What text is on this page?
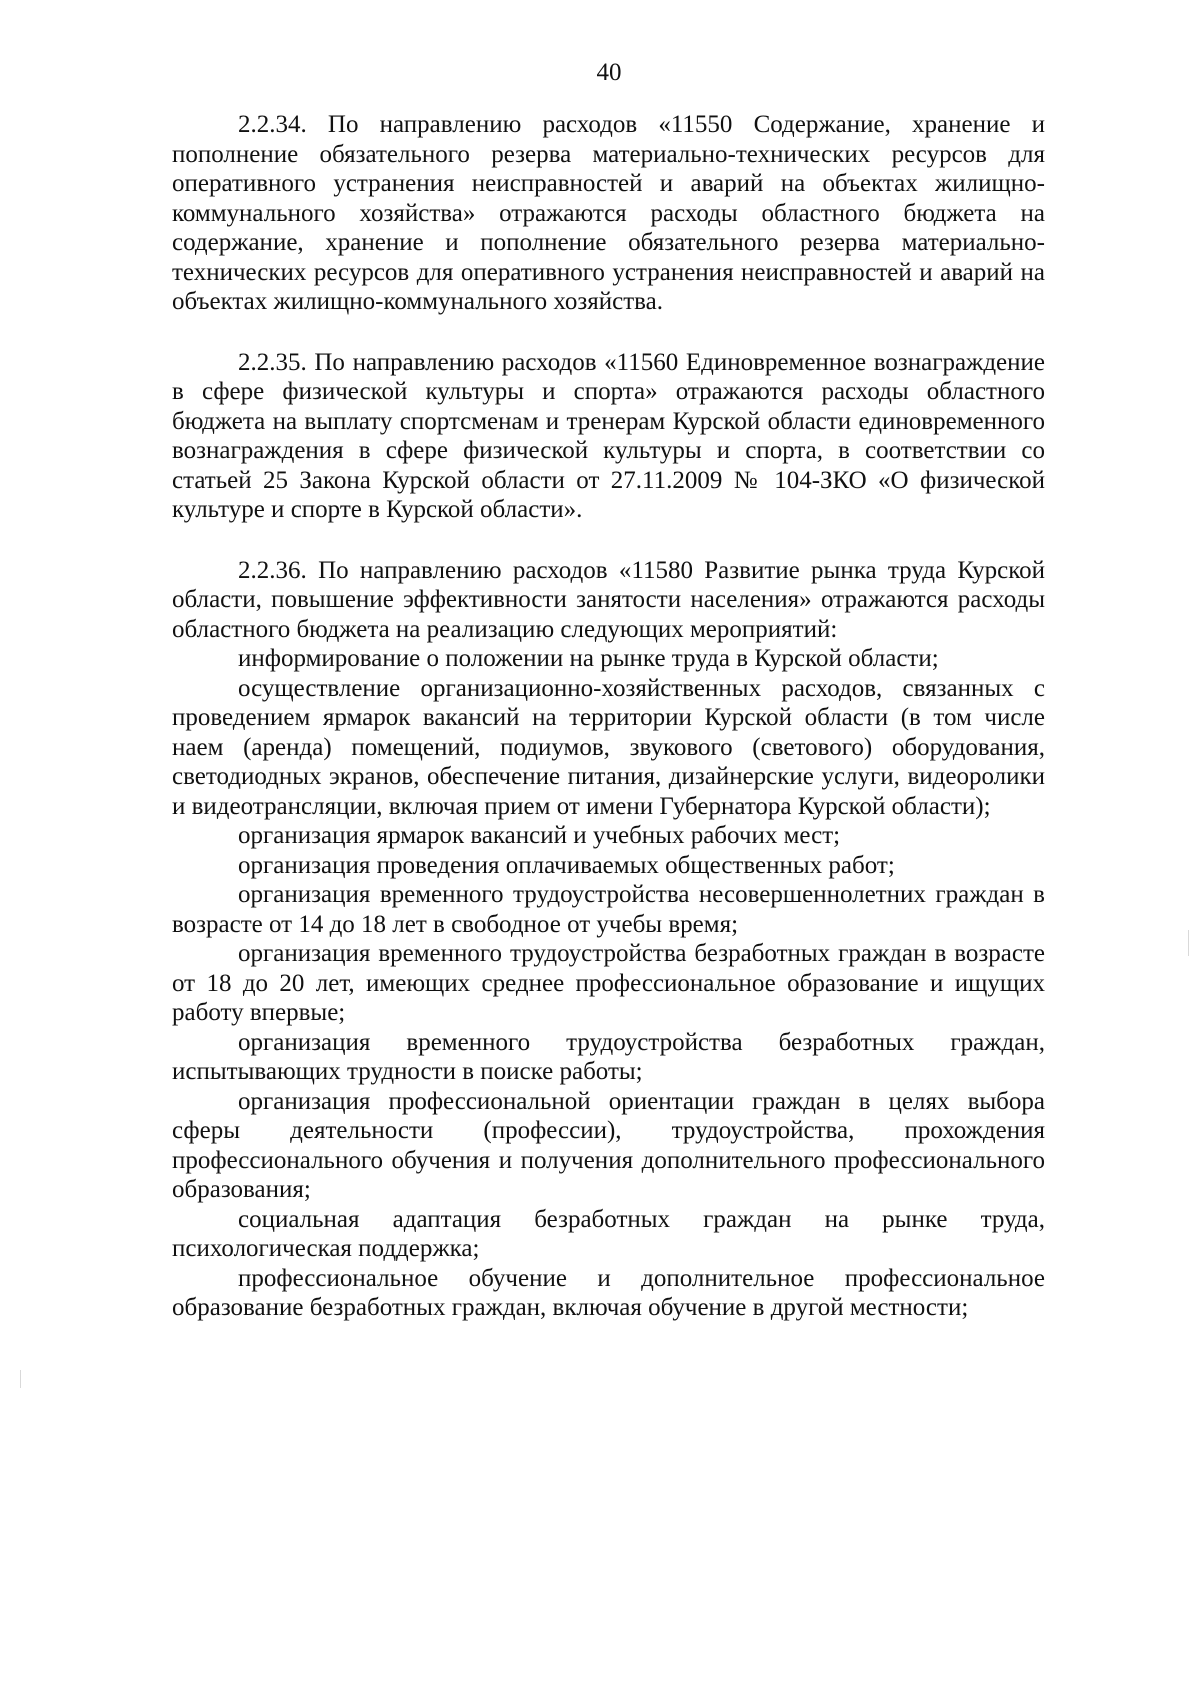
40

2.2.34. По направлению расходов «11550 Содержание, хранение и пополнение обязательного резерва материально-технических ресурсов для оперативного устранения неисправностей и аварий на объектах жилищно-коммунального хозяйства» отражаются расходы областного бюджета на содержание, хранение и пополнение обязательного резерва материально-технических ресурсов для оперативного устранения неисправностей и аварий на объектах жилищно-коммунального хозяйства.

2.2.35. По направлению расходов «11560 Единовременное вознаграждение в сфере физической культуры и спорта» отражаются расходы областного бюджета на выплату спортсменам и тренерам Курской области единовременного вознаграждения в сфере физической культуры и спорта, в соответствии со статьей 25 Закона Курской области от 27.11.2009 № 104-ЗКО «О физической культуре и спорте в Курской области».

2.2.36. По направлению расходов «11580 Развитие рынка труда Курской области, повышение эффективности занятости населения» отражаются расходы областного бюджета на реализацию следующих мероприятий:

информирование о положении на рынке труда в Курской области;

осуществление организационно-хозяйственных расходов, связанных с проведением ярмарок вакансий на территории Курской области (в том числе наем (аренда) помещений, подиумов, звукового (светового) оборудования, светодиодных экранов, обеспечение питания, дизайнерские услуги, видеоролики и видеотрансляции, включая прием от имени Губернатора Курской области);

организация ярмарок вакансий и учебных рабочих мест;

организация проведения оплачиваемых общественных работ;

организация временного трудоустройства несовершеннолетних граждан в возрасте от 14 до 18 лет в свободное от учебы время;

организация временного трудоустройства безработных граждан в возрасте от 18 до 20 лет, имеющих среднее профессиональное образование и ищущих работу впервые;

организация временного трудоустройства безработных граждан, испытывающих трудности в поиске работы;

организация профессиональной ориентации граждан в целях выбора сферы деятельности (профессии), трудоустройства, прохождения профессионального обучения и получения дополнительного профессионального образования;

социальная адаптация безработных граждан на рынке труда, психологическая поддержка;

профессиональное обучение и дополнительное профессиональное образование безработных граждан, включая обучение в другой местности;
